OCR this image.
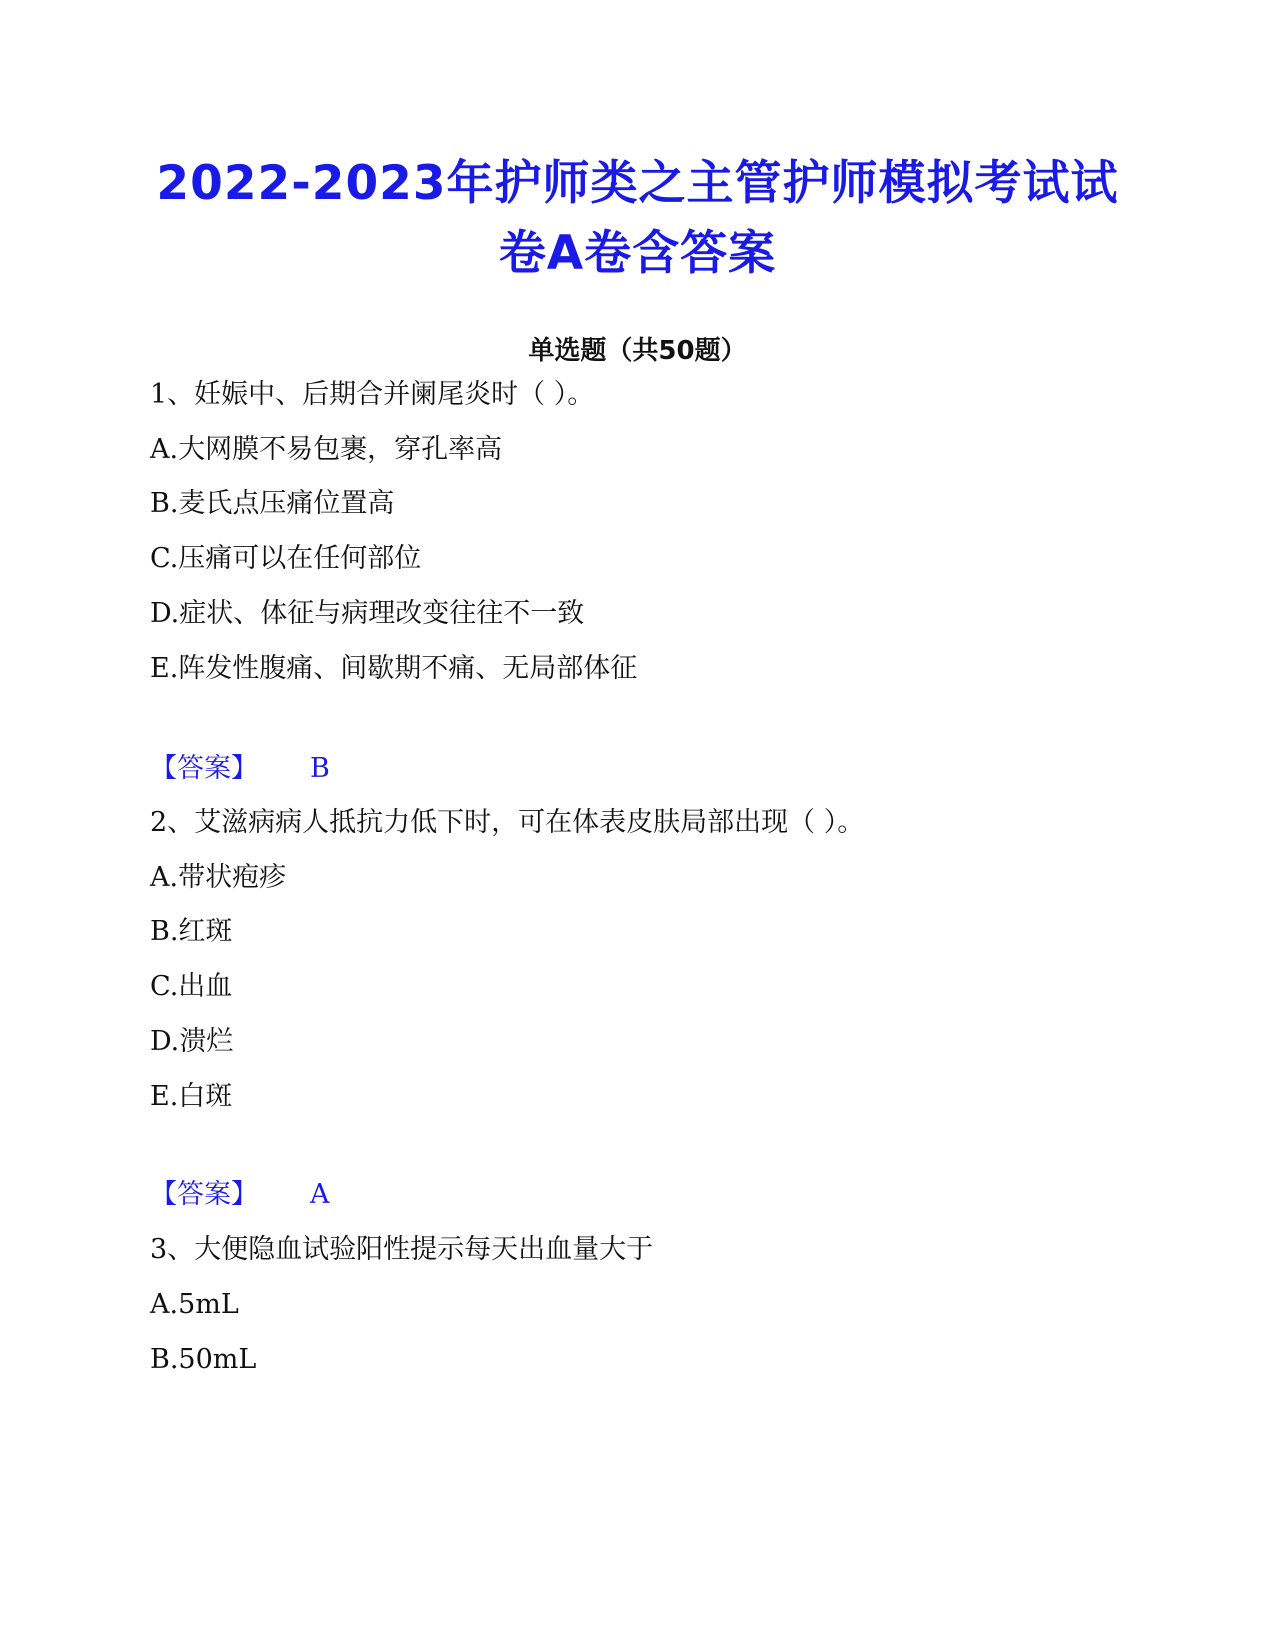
2022-2023年护师类之主管护师模拟考试试
卷A卷含答案
单选题（共50题）
1、妊娠中、后期合并阑尾炎时（ ）。
A.大网膜不易包裹，穿孔率高
B.麦氏点压痛位置高
C.压痛可以在任何部位
D.症状、体征与病理改变往往不一致
E.阵发性腹痛、间歇期不痛、无局部体征
【答案】 B
2、艾滋病病人抵抗力低下时，可在体表皮肤局部出现（ ）。
A.带状疱疹
B.红斑
C.出血
D.溃烂
E.白斑
【答案】 A
3、大便隐血试验阳性提示每天出血量大于
A.5mL
B.50mL
